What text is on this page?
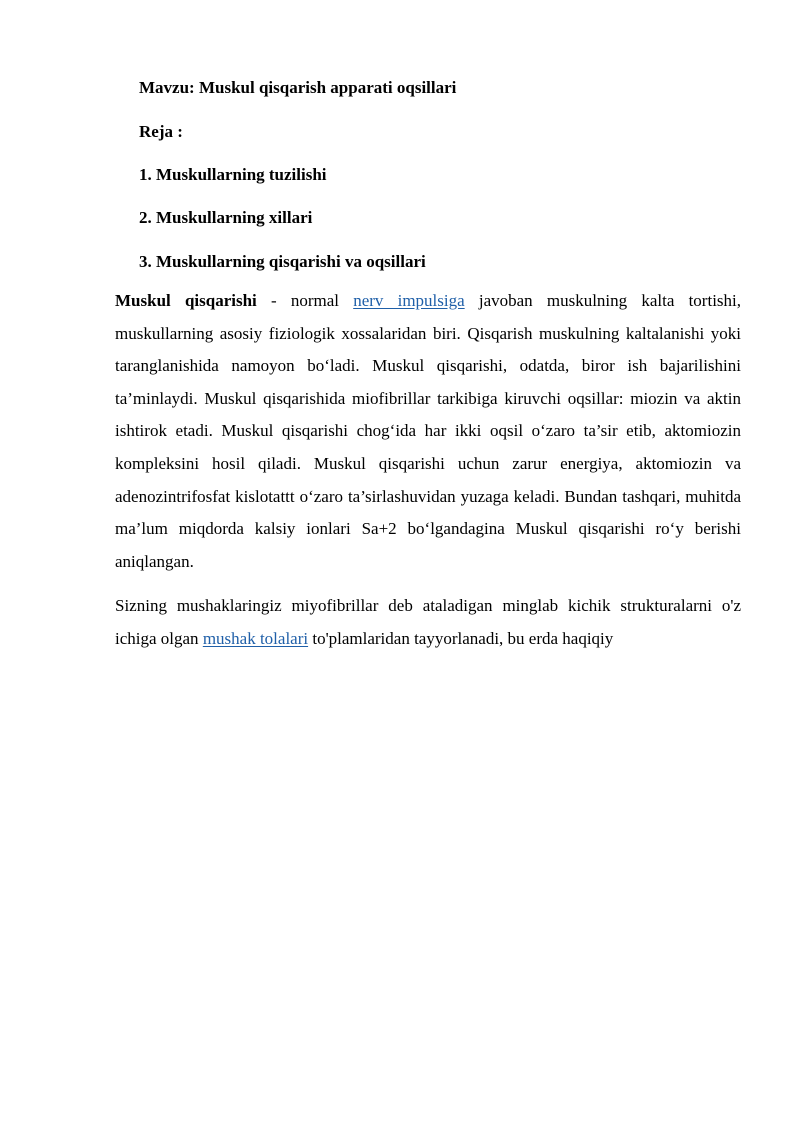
Mavzu: Muskul qisqarish apparati oqsillari
Reja :
1. Muskullarning tuzilishi
2. Muskullarning xillari
3. Muskullarning qisqarishi va oqsillari

Muskul qisqarishi - normal nerv impulsiga javoban muskulning kalta tortishi, muskullarning asosiy fiziologik xossalaridan biri. Qisqarish muskulning kaltalanishi yoki taranglanishida namoyon bo‘ladi. Muskul qisqarishi, odatda, biror ish bajarilishini ta’minlaydi. Muskul qisqarishida miofibrillar tarkibiga kiruvchi oqsillar: miozin va aktin ishtirok etadi. Muskul qisqarishi chog‘ida har ikki oqsil o‘zaro ta’sir etib, aktomiozin kompleksini hosil qiladi. Muskul qisqarishi uchun zarur energiya, aktomiozin va adenozintrifosfat kislotattt o‘zaro ta’sirlashuvidan yuzaga keladi. Bundan tashqari, muhitda ma’lum miqdorda kalsiy ionlari Sa+2 bo‘lgandagina Muskul qisqarishi ro‘y berishi aniqlangan.

Sizning mushaklaringiz miyofibrillar deb ataladigan minglab kichik strukturalarni o'z ichiga olgan mushak tolalari to'plamlaridan tayyorlanadi, bu erda haqiqiy
